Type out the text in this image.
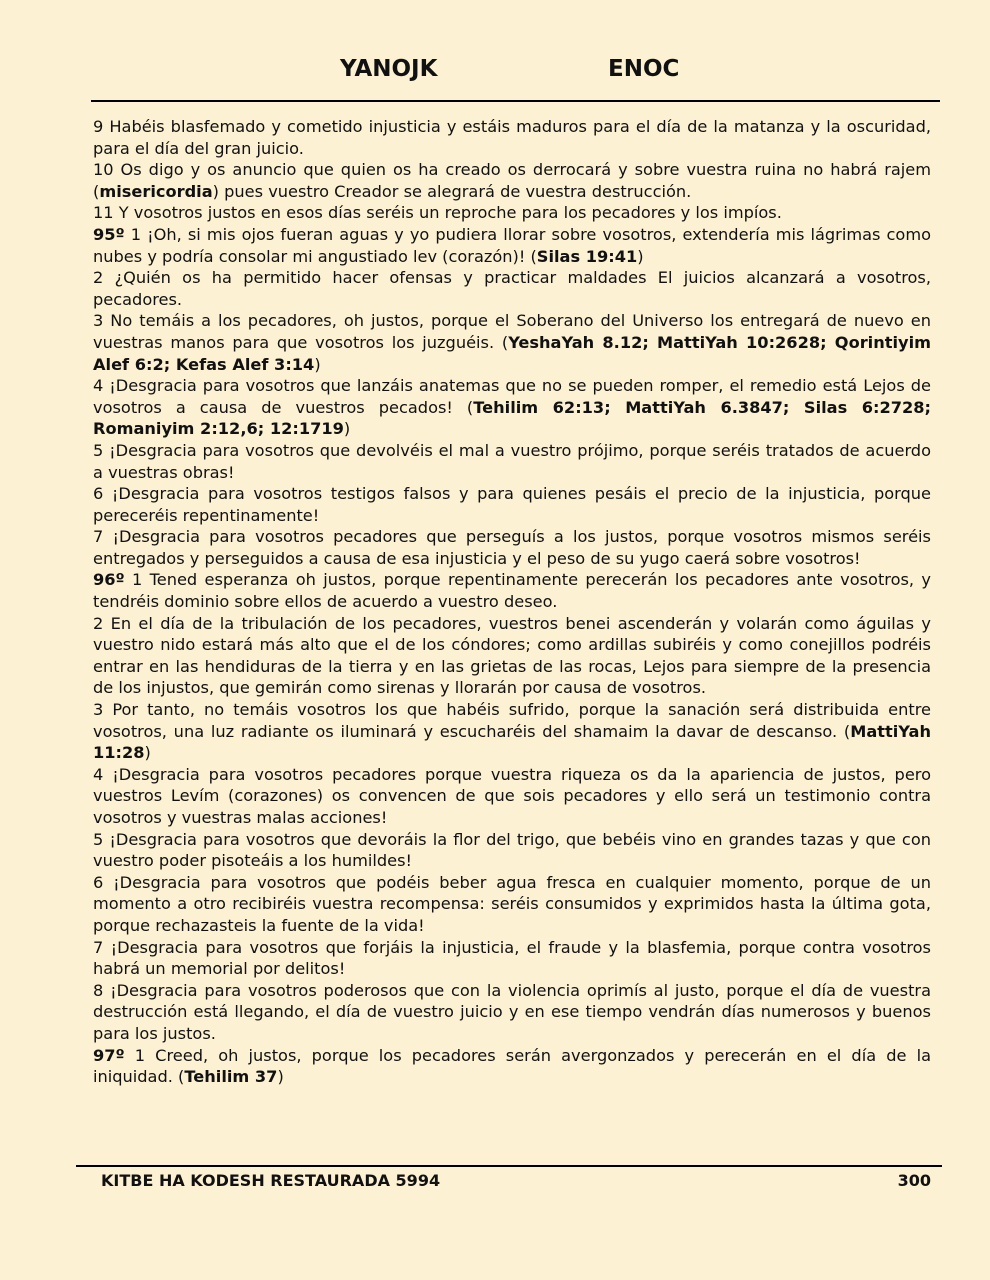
YANOJK	ENOC

9 Habéis blasfemado y cometido injusticia y estáis maduros para el día de la matanza y la oscuridad, para el día del gran juicio.

10 Os digo y os anuncio que quien os ha creado os derrocará y sobre vuestra ruina no habrá rajem (misericordia) pues vuestro Creador se alegrará de vuestra destrucción.

11 Y vosotros justos en esos días seréis un reproche para los pecadores y los impíos.

95º 1 ¡Oh, si mis ojos fueran aguas y yo pudiera llorar sobre vosotros, extendería mis lágrimas como nubes y podría consolar mi angustiado lev (corazón)! (Silas 19:41)

2 ¿Quién os ha permitido hacer ofensas y practicar maldades El juicios alcanzará a vosotros, pecadores.

3 No temáis a los pecadores, oh justos, porque el Soberano del Universo los entregará de nuevo en vuestras manos para que vosotros los juzguéis. (YeshaYah 8.12; MattiYah 10:2628; Qorintiyim Alef 6:2; Kefas Alef 3:14)

4 ¡Desgracia para vosotros que lanzáis anatemas que no se pueden romper, el remedio está Lejos de vosotros a causa de vuestros pecados! (Tehilim 62:13; MattiYah 6.3847; Silas 6:2728; Romaniyim 2:12,6; 12:1719)

5 ¡Desgracia para vosotros que devolvéis el mal a vuestro prójimo, porque seréis tratados de acuerdo a vuestras obras!

6 ¡Desgracia para vosotros testigos falsos y para quienes pesáis el precio de la injusticia, porque pereceréis repentinamente!

7 ¡Desgracia para vosotros pecadores que perseguís a los justos, porque vosotros mismos seréis entregados y perseguidos a causa de esa injusticia y el peso de su yugo caerá sobre vosotros!

96º 1 Tened esperanza oh justos, porque repentinamente perecerán los pecadores ante vosotros, y tendréis dominio sobre ellos de acuerdo a vuestro deseo.

2 En el día de la tribulación de los pecadores, vuestros benei ascenderán y volarán como águilas y vuestro nido estará más alto que el de los cóndores; como ardillas subiréis y como conejillos podréis entrar en las hendiduras de la tierra y en las grietas de las rocas, Lejos para siempre de la presencia de los injustos, que gemirán como sirenas y llorarán por causa de vosotros.

3 Por tanto, no temáis vosotros los que habéis sufrido, porque la sanación será distribuida entre vosotros, una luz radiante os iluminará y escucharéis del shamaim la davar de descanso. (MattiYah 11:28)

4 ¡Desgracia para vosotros pecadores porque vuestra riqueza os da la apariencia de justos, pero vuestros Levím (corazones) os convencen de que sois pecadores y ello será un testimonio contra vosotros y vuestras malas acciones!

5 ¡Desgracia para vosotros que devoráis la flor del trigo, que bebéis vino en grandes tazas y que con vuestro poder pisoteáis a los humildes!

6 ¡Desgracia para vosotros que podéis beber agua fresca en cualquier momento, porque de un momento a otro recibiréis vuestra recompensa: seréis consumidos y exprimidos hasta la última gota, porque rechazasteis la fuente de la vida!

7 ¡Desgracia para vosotros que forjáis la injusticia, el fraude y la blasfemia, porque contra vosotros habrá un memorial por delitos!

8 ¡Desgracia para vosotros poderosos que con la violencia oprimís al justo, porque el día de vuestra destrucción está llegando, el día de vuestro juicio y en ese tiempo vendrán días numerosos y buenos para los justos.

97º 1 Creed, oh justos, porque los pecadores serán avergonzados y perecerán en el día de la iniquidad. (Tehilim 37)

KITBE HA KODESH RESTAURADA 5994	300
